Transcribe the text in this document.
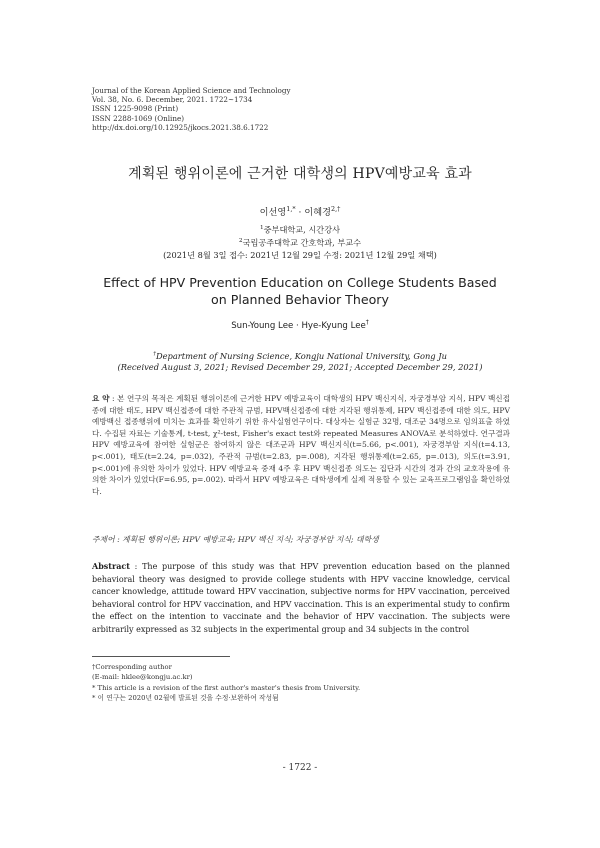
Journal of the Korean Applied Science and Technology
Vol. 38, No. 6. December, 2021. 1722~1734
ISSN 1225-9098 (Print)
ISSN 2288-1069 (Online)
http://dx.doi.org/10.12925/jkocs.2021.38.6.1722
계획된 행위이론에 근거한 대학생의 HPV예방교육 효과
이선영$^{1,*}$ · 이혜경$^{2,\dagger}$
$^1$중부대학교, 시간강사
$^2$국립공주대학교 간호학과, 부교수
(2021년 8월 3일 접수: 2021년 12월 29일 수정: 2021년 12월 29일 채택)
Effect of HPV Prevention Education on College Students Based
on Planned Behavior Theory
Sun-Young Lee · Hye-Kyung Lee†
†Department of Nursing Science, Kongju National University, Gong Ju
(Received August 3, 2021; Revised December 29, 2021; Accepted December 29, 2021)
요 약 : 본 연구의 목적은 계획된 행위이론에 근거한 HPV 예방교육이 대학생의 HPV 백신지식, 자궁경부암 지식, HPV 백신접종에 대한 태도, HPV 백신접종에 대한 주관적 규범, HPV백신접종에 대한 지각된 행위통제, HPV 백신접종에 대한 의도, HPV 예방백신 접종행위에 미치는 효과를 확인하기 위한 유사실험연구이다. 대상자는 실험군 32명, 대조군 34명으로 임의표출 하였다. 수집된 자료는 기술통계, t-test, χ²-test, Fisher's exact test와 repeated Measures ANOVA로 분석하였다. 연구결과 HPV 예방교육에 참여한 실험군은 참여하지 않은 대조군과 HPV 백신지식(t=5.66, p<.001), 자궁경부암 지식(t=4.13, p<.001), 태도(t=2.24, p=.032), 주관적 규범(t=2.83, p=.008), 지각된 행위통제(t=2.65, p=.013), 의도(t=3.91, p<.001)에 유의한 차이가 있었다. HPV 예방교육 중재 4주 후 HPV 백신접종 의도는 집단과 시간의 경과 간의 교호작용에 유의한 차이가 있었다(F=6.95, p=.002). 따라서 HPV 예방교육은 대학생에게 실제 적용할 수 있는 교육프로그램임을 확인하였다.
주제어 : 계획된 행위이론; HPV 예방교육; HPV 백신 지식; 자궁경부암 지식; 대학생
Abstract : The purpose of this study was that HPV prevention education based on the planned behavioral theory was designed to provide college students with HPV vaccine knowledge, cervical cancer knowledge, attitude toward HPV vaccination, subjective norms for HPV vaccination, perceived behavioral control for HPV vaccination, and HPV vaccination. This is an experimental study to confirm the effect on the intention to vaccinate and the behavior of HPV vaccination. The subjects were arbitrarily expressed as 32 subjects in the experimental group and 34 subjects in the control
†Corresponding author
(E-mail: hklee@kongju.ac.kr)
* This article is a revision of the first author's master's thesis from University.
* 이 연구는 2020년 02월에 발표된 것을 수정·보완하여 작성됨
- 1722 -
